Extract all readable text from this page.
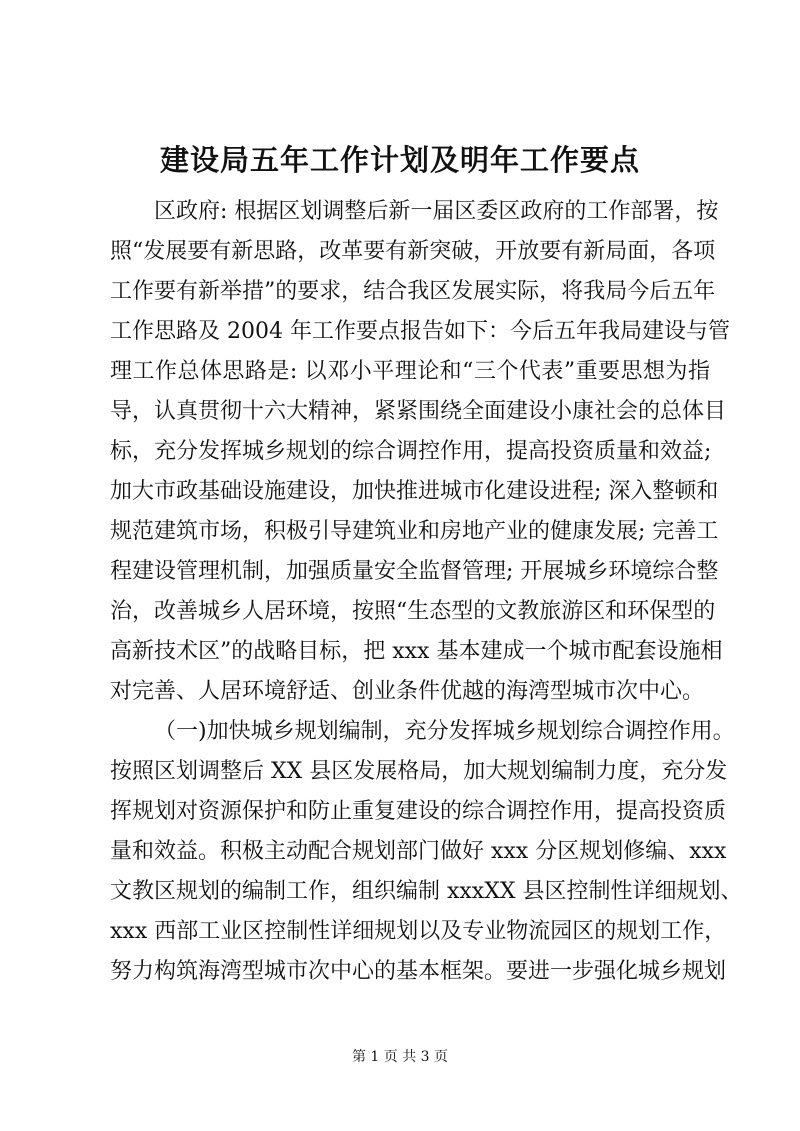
建设局五年工作计划及明年工作要点
区政府: 根据区划调整后新一届区委区政府的工作部署，按
照“发展要有新思路，改革要有新突破，开放要有新局面，各项
工作要有新举措”的要求，结合我区发展实际，将我局今后五年
工作思路及 2004 年工作要点报告如下：今后五年我局建设与管
理工作总体思路是: 以邓小平理论和“三个代表”重要思想为指
导，认真贯彻十六大精神，紧紧围绕全面建设小康社会的总体目
标，充分发挥城乡规划的综合调控作用，提高投资质量和效益;
加大市政基础设施建设，加快推进城市化建设进程; 深入整顿和
规范建筑市场，积极引导建筑业和房地产业的健康发展; 完善工
程建设管理机制，加强质量安全监督管理; 开展城乡环境综合整
治，改善城乡人居环境，按照“生态型的文教旅游区和环保型的
高新技术区”的战略目标，把 xxx 基本建成一个城市配套设施相
对完善、人居环境舒适、创业条件优越的海湾型城市次中心。
（一)加快城乡规划编制，充分发挥城乡规划综合调控作用。
按照区划调整后 XX 县区发展格局，加大规划编制力度，充分发
挥规划对资源保护和防止重复建设的综合调控作用，提高投资质
量和效益。积极主动配合规划部门做好 xxx 分区规划修编、xxx
文教区规划的编制工作，组织编制 xxxXX 县区控制性详细规划、
xxx 西部工业区控制性详细规划以及专业物流园区的规划工作，
努力构筑海湾型城市次中心的基本框架。要进一步强化城乡规划
第 1 页 共 3 页
